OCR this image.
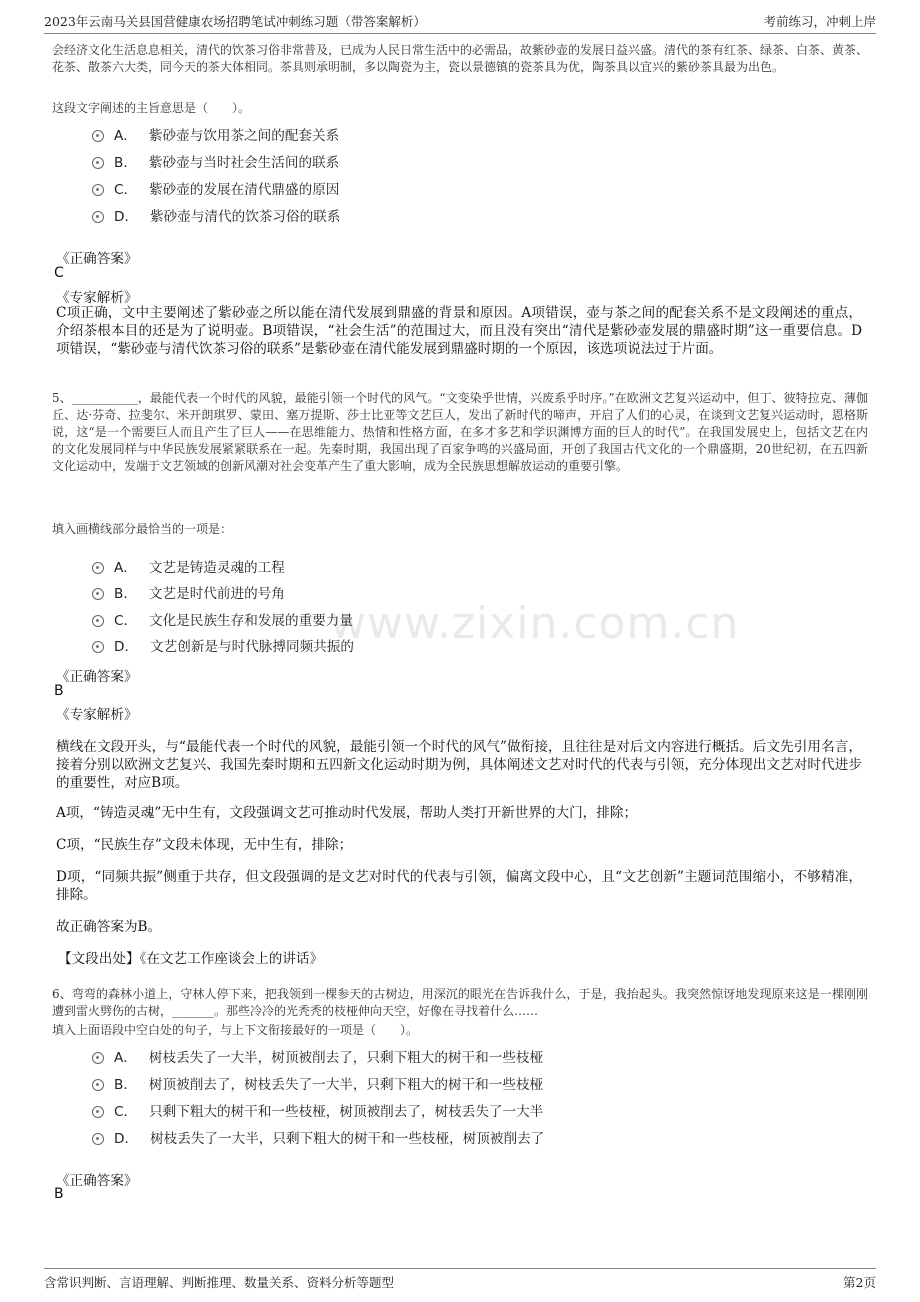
2023年云南马关县国营健康农场招聘笔试冲刺练习题（带答案解析）	考前练习，冲刺上岸
www.zixin.com.cn
会经济文化生活息息相关，清代的饮茶习俗非常普及，已成为人民日常生活中的必需品，故紫砂壶的发展日益兴盛。清代的茶有红茶、绿茶、白茶、黄茶、花茶、散茶六大类，同今天的茶大体相同。茶具则承明制，多以陶瓷为主，瓷以景德镇的瓷茶具为优，陶茶具以宜兴的紫砂茶具最为出色。
这段文字阐述的主旨意思是（　　）。
A． 紫砂壶与饮用茶之间的配套关系
B． 紫砂壶与当时社会生活间的联系
C． 紫砂壶的发展在清代鼎盛的原因
D． 紫砂壶与清代的饮茶习俗的联系
《正确答案》
C
《专家解析》
C项正确，文中主要阐述了紫砂壶之所以能在清代发展到鼎盛的背景和原因。A项错误，壶与茶之间的配套关系不是文段阐述的重点，介绍茶根本目的还是为了说明壶。B项错误，“社会生活”的范围过大，而且没有突出“清代是紫砂壶发展的鼎盛时期”这一重要信息。D项错误，“紫砂壶与清代饮茶习俗的联系”是紫砂壶在清代能发展到鼎盛时期的一个原因，该选项说法过于片面。
5、___________，最能代表一个时代的风貌，最能引领一个时代的风气。“文变染乎世情，兴废系乎时序。”在欧洲文艺复兴运动中，但丁、彼特拉克、薄伽丘、达·芬奇、拉斐尔、米开朗琪罗、蒙田、塞万提斯、莎士比亚等文艺巨人，发出了新时代的啼声，开启了人们的心灵，在谈到文艺复兴运动时，恩格斯说，这“是一个需要巨人而且产生了巨人——在思维能力、热情和性格方面，在多才多艺和学识渊博方面的巨人的时代”。在我国发展史上，包括文艺在内的文化发展同样与中华民族发展紧紧联系在一起。先秦时期，我国出现了百家争鸣的兴盛局面，开创了我国古代文化的一个鼎盛期，20世纪初，在五四新文化运动中，发端于文艺领域的创新风潮对社会变革产生了重大影响，成为全民族思想解放运动的重要引擎。
填入画横线部分最恰当的一项是：
A． 文艺是铸造灵魂的工程
B． 文艺是时代前进的号角
C． 文化是民族生存和发展的重要力量
D． 文艺创新是与时代脉搏同频共振的
《正确答案》
B
《专家解析》
横线在文段开头，与“最能代表一个时代的风貌，最能引领一个时代的风气”做衔接，且往往是对后文内容进行概括。后文先引用名言，接着分别以欧洲文艺复兴、我国先秦时期和五四新文化运动时期为例，具体阐述文艺对时代的代表与引领，充分体现出文艺对时代进步的重要性，对应B项。
A项，“铸造灵魂”无中生有，文段强调文艺可推动时代发展，帮助人类打开新世界的大门，排除；
C项，“民族生存”文段未体现，无中生有，排除；
D项，“同频共振”侧重于共存，但文段强调的是文艺对时代的代表与引领，偏离文段中心，且“文艺创新”主题词范围缩小，不够精准，排除。
故正确答案为B。
【文段出处】《在文艺工作座谈会上的讲话》
6、弯弯的森林小道上，守林人停下来，把我领到一棵参天的古树边，用深沉的眼光在告诉我什么，于是，我抬起头。我突然惊讶地发现原来这是一棵刚刚遭到雷火劈伤的古树，_______。那些冷冷的光秃秃的枝桠伸向天空，好像在寻找着什么……
填入上面语段中空白处的句子，与上下文衔接最好的一项是（　　）。
A． 树枝丢失了一大半，树顶被削去了，只剩下粗大的树干和一些枝桠
B． 树顶被削去了，树枝丢失了一大半，只剩下粗大的树干和一些枝桠
C． 只剩下粗大的树干和一些枝桠，树顶被削去了，树枝丢失了一大半
D． 树枝丢失了一大半，只剩下粗大的树干和一些枝桠，树顶被削去了
《正确答案》
B
含常识判断、言语理解、判断推理、数量关系、资料分析等题型	第2页
